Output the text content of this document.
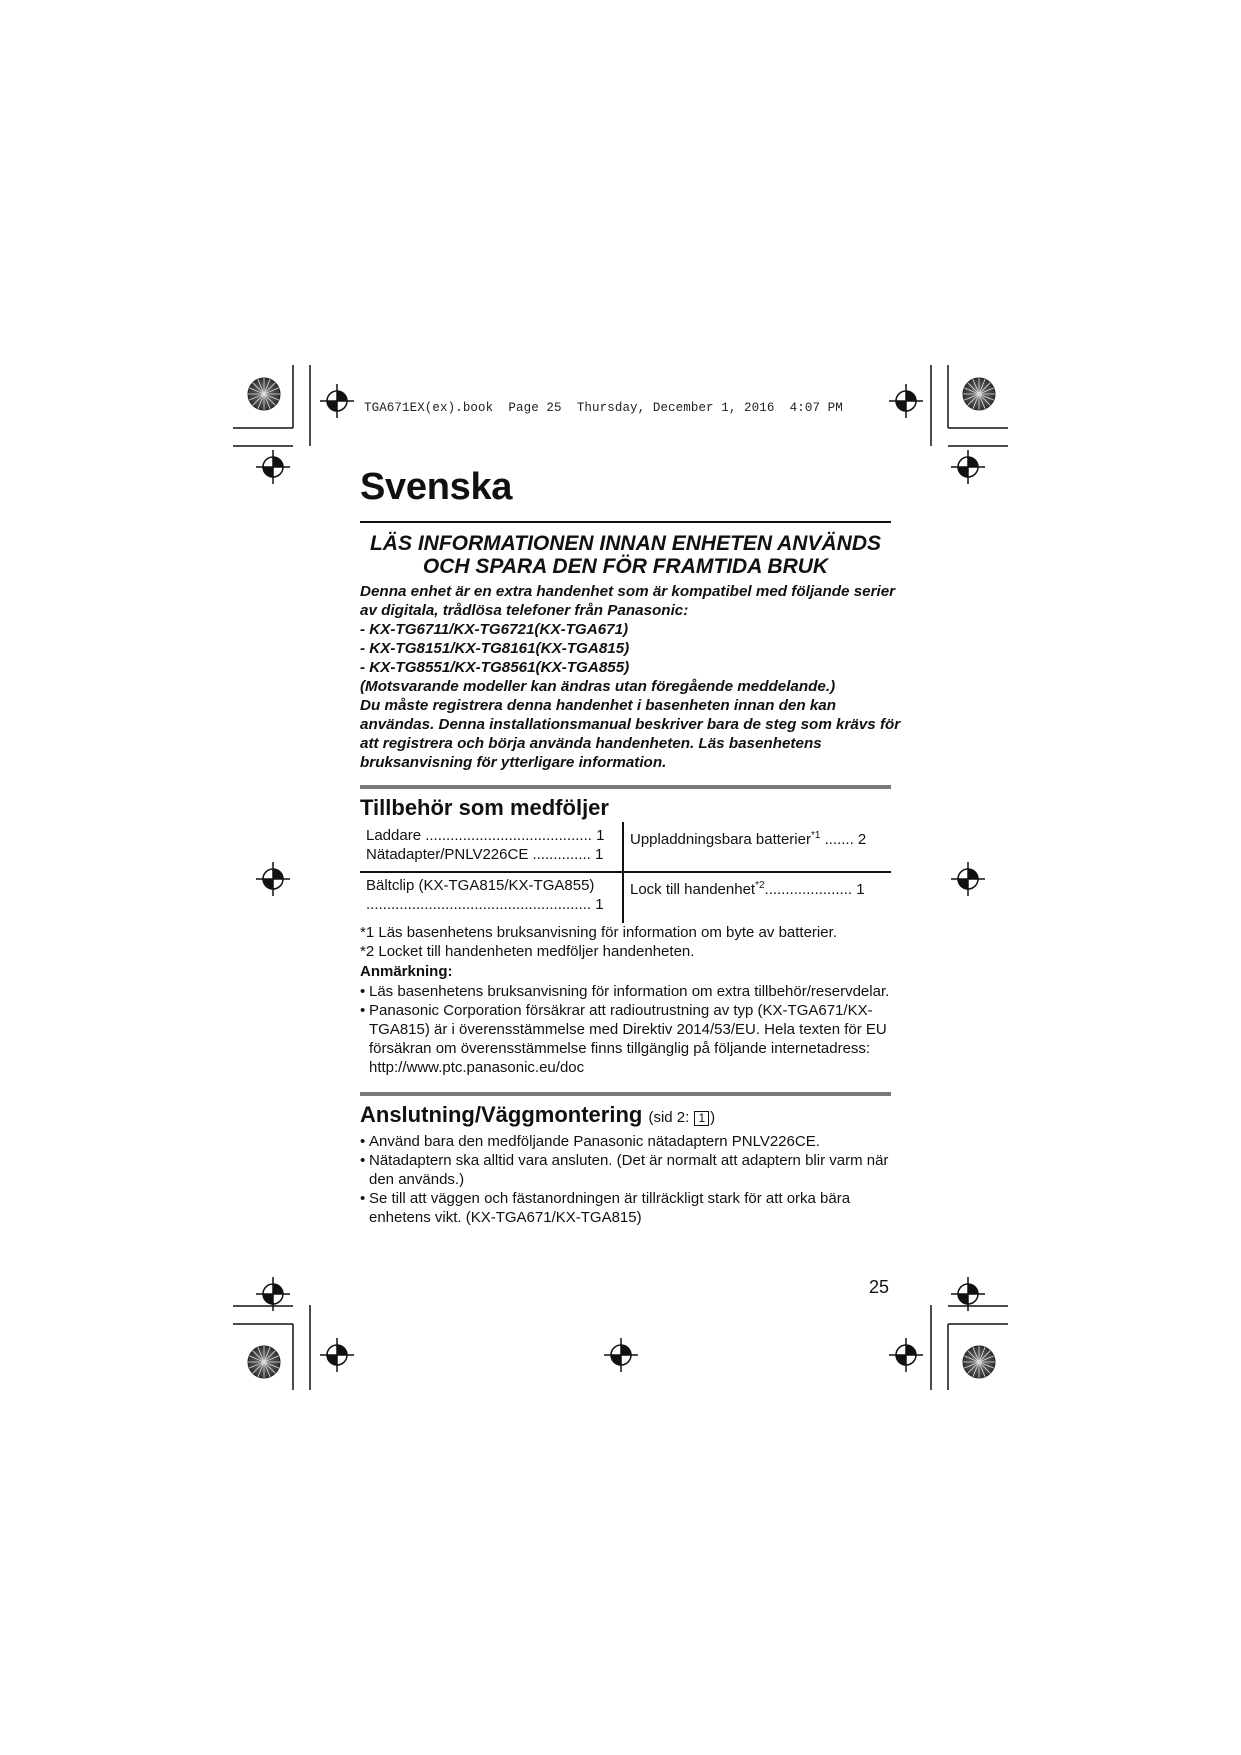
TGA671EX(ex).book  Page 25  Thursday, December 1, 2016  4:07 PM
Svenska
LÄS INFORMATIONEN INNAN ENHETEN ANVÄNDS
OCH SPARA DEN FÖR FRAMTIDA BRUK

Denna enhet är en extra handenhet som är kompatibel med följande serier

av digitala, trådlösa telefoner från Panasonic:

- KX-TG6711/KX-TG6721(KX-TGA671)

- KX-TG8151/KX-TG8161(KX-TGA815)

- KX-TG8551/KX-TG8561(KX-TGA855)

(Motsvarande modeller kan ändras utan föregående meddelande.)

Du måste registrera denna handenhet i basenheten innan den kan

användas. Denna installationsmanual beskriver bara de steg som krävs för

att registrera och börja använda handenheten. Läs basenhetens

bruksanvisning för ytterligare information.

Tillbehör som medföljer
Laddare ........................................ 1
Nätadapter/PNLV226CE .............. 1
Uppladdningsbara batterier$^{*1}$ ....... 2
Bältclip (KX-TGA815/KX-TGA855)
...................................................... 1
Lock till handenhet$^{*2}$..................... 1
*1 Läs basenhetens bruksanvisning för information om byte av batterier.
*2 Locket till handenheten medföljer handenheten.
Anmärkning:
• Läs basenhetens bruksanvisning för information om extra tillbehör/reservdelar.
• Panasonic Corporation försäkrar att radioutrustning av typ (KX-TGA671/KX-
TGA815) är i överensstämmelse med Direktiv 2014/53/EU. Hela texten för EU
försäkran om överensstämmelse finns tillgänglig på följande internetadress:
http://www.ptc.panasonic.eu/doc
Anslutning/Väggmontering (sid 2: 1 )
• Använd bara den medföljande Panasonic nätadaptern PNLV226CE.
• Nätadaptern ska alltid vara ansluten. (Det är normalt att adaptern blir varm när
den används.)
• Se till att väggen och fästanordningen är tillräckligt stark för att orka bära
enhetens vikt. (KX-TGA671/KX-TGA815)
25
